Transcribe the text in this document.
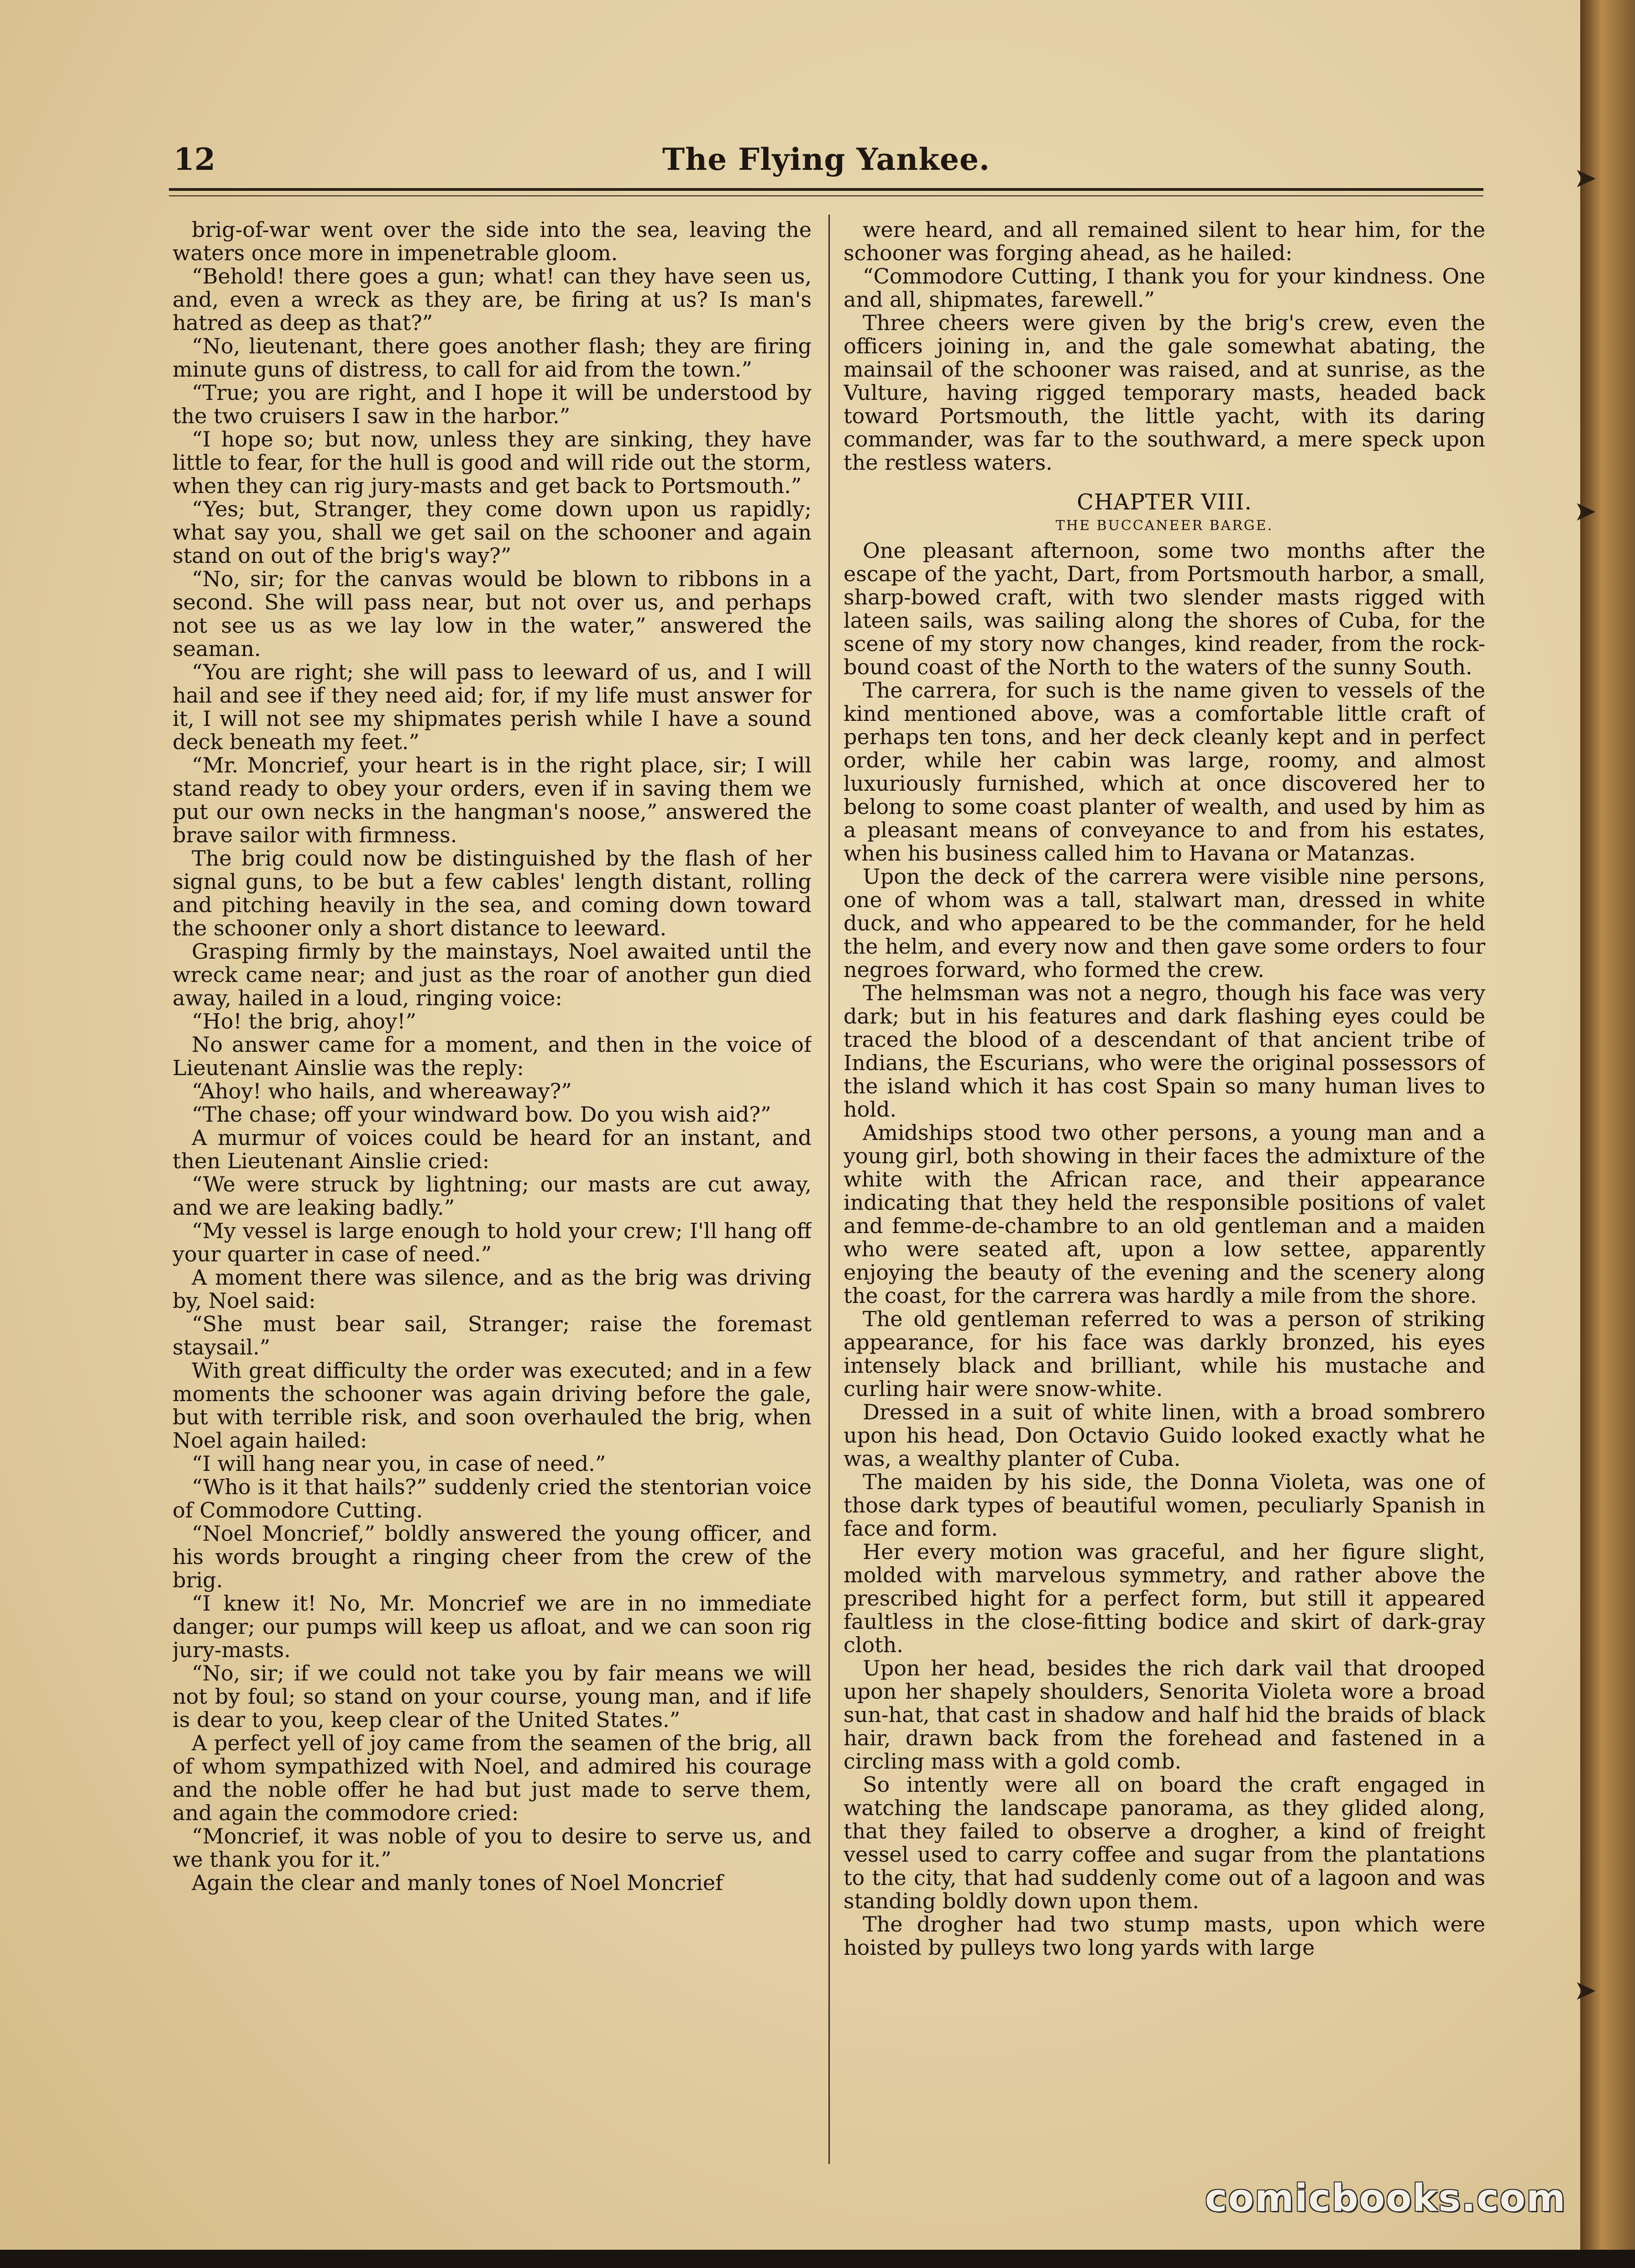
12	The Flying Yankee.

brig-of-war went over the side into the sea, leaving the waters once more in impenetrable gloom.

“Behold! there goes a gun; what! can they have seen us, and, even a wreck as they are, be firing at us? Is man's hatred as deep as that?”

“No, lieutenant, there goes another flash; they are firing minute guns of distress, to call for aid from the town.”

“True; you are right, and I hope it will be understood by the two cruisers I saw in the harbor.”

“I hope so; but now, unless they are sinking, they have little to fear, for the hull is good and will ride out the storm, when they can rig jury-masts and get back to Portsmouth.”

“Yes; but, Stranger, they come down upon us rapidly; what say you, shall we get sail on the schooner and again stand on out of the brig's way?”

“No, sir; for the canvas would be blown to ribbons in a second. She will pass near, but not over us, and perhaps not see us as we lay low in the water,” answered the seaman.

“You are right; she will pass to leeward of us, and I will hail and see if they need aid; for, if my life must answer for it, I will not see my shipmates perish while I have a sound deck beneath my feet.”

“Mr. Moncrief, your heart is in the right place, sir; I will stand ready to obey your orders, even if in saving them we put our own necks in the hangman's noose,” answered the brave sailor with firmness.

The brig could now be distinguished by the flash of her signal guns, to be but a few cables' length distant, rolling and pitching heavily in the sea, and coming down toward the schooner only a short distance to leeward.

Grasping firmly by the mainstays, Noel awaited until the wreck came near; and just as the roar of another gun died away, hailed in a loud, ringing voice:

“Ho! the brig, ahoy!”

No answer came for a moment, and then in the voice of Lieutenant Ainslie was the reply:

“Ahoy! who hails, and whereaway?”

“The chase; off your windward bow. Do you wish aid?”

A murmur of voices could be heard for an instant, and then Lieutenant Ainslie cried:

“We were struck by lightning; our masts are cut away, and we are leaking badly.”

“My vessel is large enough to hold your crew; I'll hang off your quarter in case of need.”

A moment there was silence, and as the brig was driving by, Noel said:

“She must bear sail, Stranger; raise the foremast staysail.”

With great difficulty the order was executed; and in a few moments the schooner was again driving before the gale, but with terrible risk, and soon overhauled the brig, when Noel again hailed:

“I will hang near you, in case of need.”

“Who is it that hails?” suddenly cried the stentorian voice of Commodore Cutting.

“Noel Moncrief,” boldly answered the young officer, and his words brought a ringing cheer from the crew of the brig.

“I knew it! No, Mr. Moncrief we are in no immediate danger; our pumps will keep us afloat, and we can soon rig jury-masts.

“No, sir; if we could not take you by fair means we will not by foul; so stand on your course, young man, and if life is dear to you, keep clear of the United States.”

A perfect yell of joy came from the seamen of the brig, all of whom sympathized with Noel, and admired his courage and the noble offer he had but just made to serve them, and again the commodore cried:

“Moncrief, it was noble of you to desire to serve us, and we thank you for it.”

Again the clear and manly tones of Noel Moncrief

were heard, and all remained silent to hear him, for the schooner was forging ahead, as he hailed:

“Commodore Cutting, I thank you for your kindness. One and all, shipmates, farewell.”

Three cheers were given by the brig's crew, even the officers joining in, and the gale somewhat abating, the mainsail of the schooner was raised, and at sunrise, as the Vulture, having rigged temporary masts, headed back toward Portsmouth, the little yacht, with its daring commander, was far to the southward, a mere speck upon the restless waters.

CHAPTER VIII.
THE BUCCANEER BARGE.

One pleasant afternoon, some two months after the escape of the yacht, Dart, from Portsmouth harbor, a small, sharp-bowed craft, with two slender masts rigged with lateen sails, was sailing along the shores of Cuba, for the scene of my story now changes, kind reader, from the rock-bound coast of the North to the waters of the sunny South.

The carrera, for such is the name given to vessels of the kind mentioned above, was a comfortable little craft of perhaps ten tons, and her deck cleanly kept and in perfect order, while her cabin was large, roomy, and almost luxuriously furnished, which at once discovered her to belong to some coast planter of wealth, and used by him as a pleasant means of conveyance to and from his estates, when his business called him to Havana or Matanzas.

Upon the deck of the carrera were visible nine persons, one of whom was a tall, stalwart man, dressed in white duck, and who appeared to be the commander, for he held the helm, and every now and then gave some orders to four negroes forward, who formed the crew.

The helmsman was not a negro, though his face was very dark; but in his features and dark flashing eyes could be traced the blood of a descendant of that ancient tribe of Indians, the Escurians, who were the original possessors of the island which it has cost Spain so many human lives to hold.

Amidships stood two other persons, a young man and a young girl, both showing in their faces the admixture of the white with the African race, and their appearance indicating that they held the responsible positions of valet and femme-de-chambre to an old gentleman and a maiden who were seated aft, upon a low settee, apparently enjoying the beauty of the evening and the scenery along the coast, for the carrera was hardly a mile from the shore.

The old gentleman referred to was a person of striking appearance, for his face was darkly bronzed, his eyes intensely black and brilliant, while his mustache and curling hair were snow-white.

Dressed in a suit of white linen, with a broad sombrero upon his head, Don Octavio Guido looked exactly what he was, a wealthy planter of Cuba.

The maiden by his side, the Donna Violeta, was one of those dark types of beautiful women, peculiarly Spanish in face and form.

Her every motion was graceful, and her figure slight, molded with marvelous symmetry, and rather above the prescribed hight for a perfect form, but still it appeared faultless in the close-fitting bodice and skirt of dark-gray cloth.

Upon her head, besides the rich dark vail that drooped upon her shapely shoulders, Senorita Violeta wore a broad sun-hat, that cast in shadow and half hid the braids of black hair, drawn back from the forehead and fastened in a circling mass with a gold comb.

So intently were all on board the craft engaged in watching the landscape panorama, as they glided along, that they failed to observe a drogher, a kind of freight vessel used to carry coffee and sugar from the plantations to the city, that had suddenly come out of a lagoon and was standing boldly down upon them.

The drogher had two stump masts, upon which were hoisted by pulleys two long yards with large

➤
➤
➤
comicbooks.com
